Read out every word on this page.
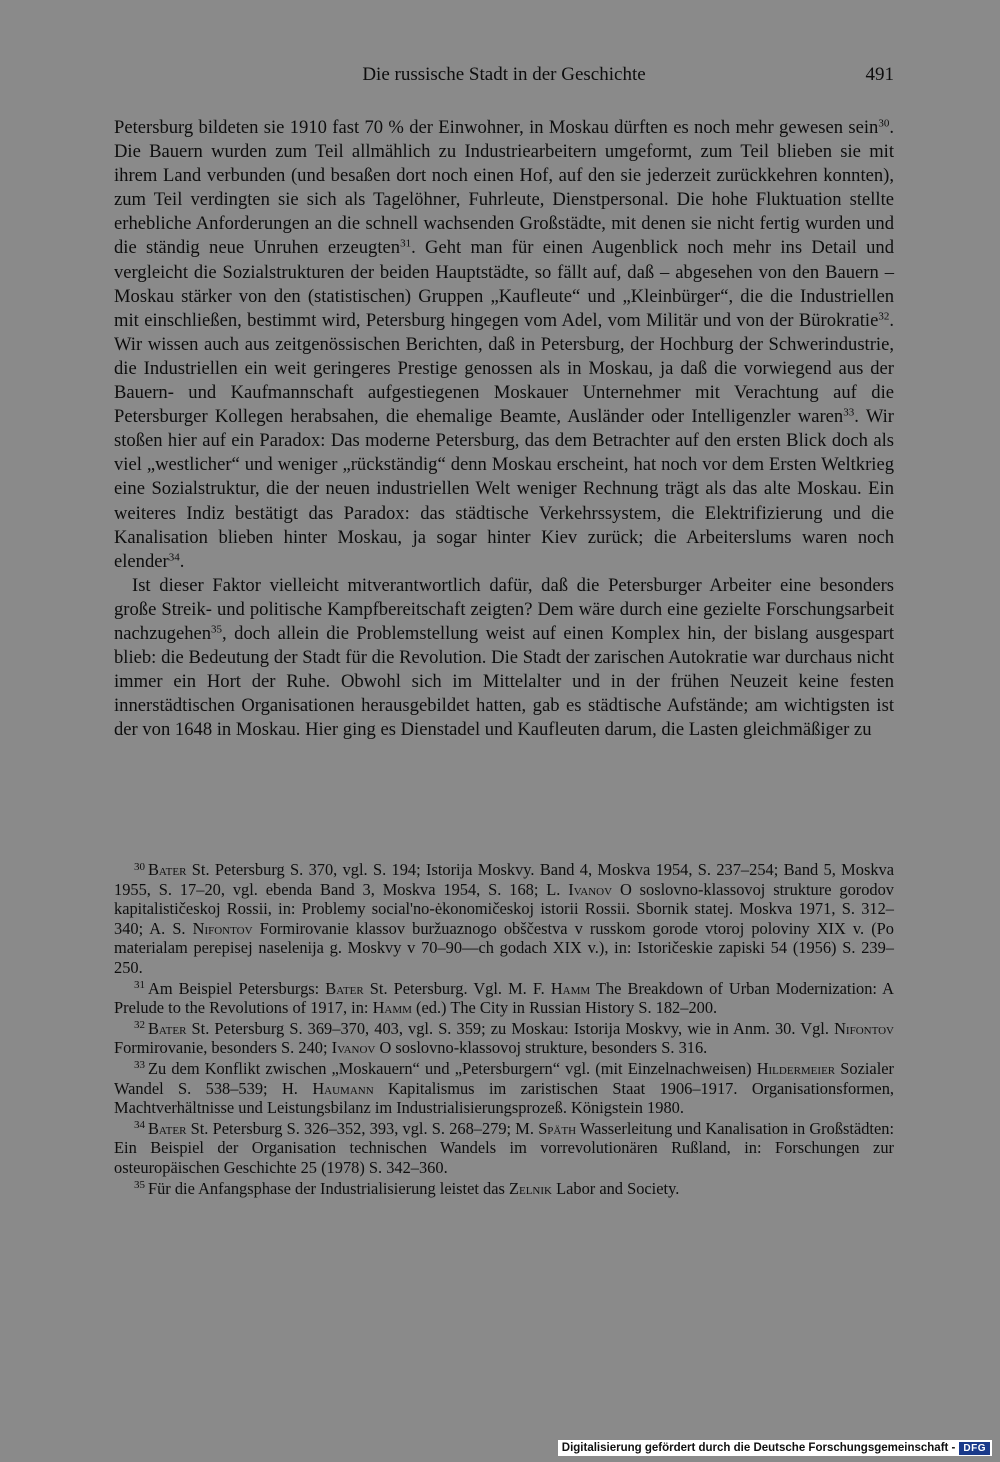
Die russische Stadt in der Geschichte	491

Petersburg bildeten sie 1910 fast 70 % der Einwohner, in Moskau dürften es noch mehr gewesen sein$^{30}$. Die Bauern wurden zum Teil allmählich zu Industriearbeitern umgeformt, zum Teil blieben sie mit ihrem Land verbunden (und besaßen dort noch einen Hof, auf den sie jederzeit zurückkehren konnten), zum Teil verdingten sie sich als Tagelöhner, Fuhrleute, Dienstpersonal. Die hohe Fluktuation stellte erhebliche Anforderungen an die schnell wachsenden Großstädte, mit denen sie nicht fertig wurden und die ständig neue Unruhen erzeugten$^{31}$. Geht man für einen Augenblick noch mehr ins Detail und vergleicht die Sozialstrukturen der beiden Hauptstädte, so fällt auf, daß – abgesehen von den Bauern – Moskau stärker von den (statistischen) Gruppen „Kaufleute“ und „Kleinbürger“, die die Industriellen mit einschließen, bestimmt wird, Petersburg hingegen vom Adel, vom Militär und von der Bürokratie$^{32}$. Wir wissen auch aus zeitgenössischen Berichten, daß in Petersburg, der Hochburg der Schwerindustrie, die Industriellen ein weit geringeres Prestige genossen als in Moskau, ja daß die vorwiegend aus der Bauern- und Kaufmannschaft aufgestiegenen Moskauer Unternehmer mit Verachtung auf die Petersburger Kollegen herabsahen, die ehemalige Beamte, Ausländer oder Intelligenzler waren$^{33}$. Wir stoßen hier auf ein Paradox: Das moderne Petersburg, das dem Betrachter auf den ersten Blick doch als viel „westlicher“ und weniger „rückständig“ denn Moskau erscheint, hat noch vor dem Ersten Weltkrieg eine Sozialstruktur, die der neuen industriellen Welt weniger Rechnung trägt als das alte Moskau. Ein weiteres Indiz bestätigt das Paradox: das städtische Verkehrssystem, die Elektrifizierung und die Kanalisation blieben hinter Moskau, ja sogar hinter Kiev zurück; die Arbeiterslums waren noch elender$^{34}$.

Ist dieser Faktor vielleicht mitverantwortlich dafür, daß die Petersburger Arbeiter eine besonders große Streik- und politische Kampfbereitschaft zeigten? Dem wäre durch eine gezielte Forschungsarbeit nachzugehen$^{35}$, doch allein die Problemstellung weist auf einen Komplex hin, der bislang ausgespart blieb: die Bedeutung der Stadt für die Revolution. Die Stadt der zarischen Autokratie war durchaus nicht immer ein Hort der Ruhe. Obwohl sich im Mittelalter und in der frühen Neuzeit keine festen innerstädtischen Organisationen herausgebildet hatten, gab es städtische Aufstände; am wichtigsten ist der von 1648 in Moskau. Hier ging es Dienstadel und Kaufleuten darum, die Lasten gleichmäßiger zu

$^{30}$ Bater St. Petersburg S. 370, vgl. S. 194; Istorija Moskvy. Band 4, Moskva 1954, S. 237–254; Band 5, Moskva 1955, S. 17–20, vgl. ebenda Band 3, Moskva 1954, S. 168; L. Ivanov O soslovno-klassovoj strukture gorodov kapitalističeskoj Rossii, in: Problemy social'no-ėkonomičeskoj istorii Rossii. Sbornik statej. Moskva 1971, S. 312–340; A. S. Nifontov Formirovanie klassov buržuaznogo obščestva v russkom gorode vtoroj poloviny XIX v. (Po materialam perepisej naselenija g. Moskvy v 70–90—ch godach XIX v.), in: Istoričeskie zapiski 54 (1956) S. 239–250.

$^{31}$ Am Beispiel Petersburgs: Bater St. Petersburg. Vgl. M. F. Hamm The Breakdown of Urban Modernization: A Prelude to the Revolutions of 1917, in: Hamm (ed.) The City in Russian History S. 182–200.

$^{32}$ Bater St. Petersburg S. 369–370, 403, vgl. S. 359; zu Moskau: Istorija Moskvy, wie in Anm. 30. Vgl. Nifontov Formirovanie, besonders S. 240; Ivanov O soslovno-klassovoj strukture, besonders S. 316.

$^{33}$ Zu dem Konflikt zwischen „Moskauern“ und „Petersburgern“ vgl. (mit Einzelnachweisen) Hildermeier Sozialer Wandel S. 538–539; H. Haumann Kapitalismus im zaristischen Staat 1906–1917. Organisationsformen, Machtverhältnisse und Leistungsbilanz im Industrialisierungsprozeß. Königstein 1980.

$^{34}$ Bater St. Petersburg S. 326–352, 393, vgl. S. 268–279; M. Späth Wasserleitung und Kanalisation in Großstädten: Ein Beispiel der Organisation technischen Wandels im vorrevolutionären Rußland, in: Forschungen zur osteuropäischen Geschichte 25 (1978) S. 342–360.

$^{35}$ Für die Anfangsphase der Industrialisierung leistet das Zelnik Labor and Society.

Digitalisierung gefördert durch die Deutsche Forschungsgemeinschaft - DFG
